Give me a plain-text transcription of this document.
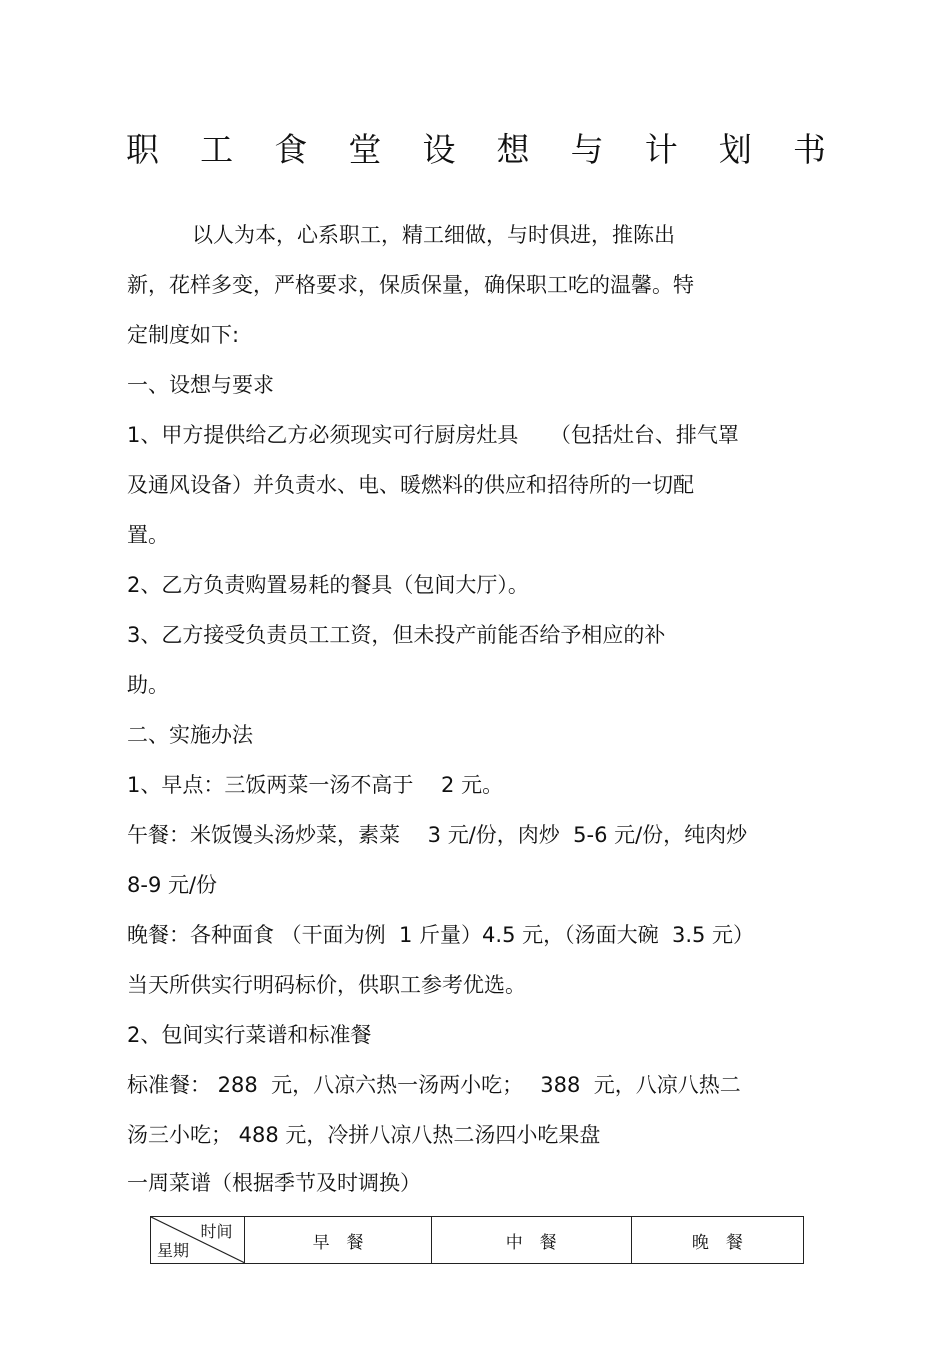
职 工 食 堂 设 想 与 计 划 书
以人为本，心系职工，精工细做，与时俱进，推陈出
新，花样多变，严格要求，保质保量，确保职工吃的温馨。特
定制度如下:
一、设想与要求
1、甲方提供给乙方必须现实可行厨房灶具　　（包括灶台、排气罩
及通风设备）并负责水、电、暖燃料的供应和招待所的一切配
置。
2、乙方负责购置易耗的餐具（包间大厅）。
3、乙方接受负责员工工资，但未投产前能否给予相应的补
助。
二、实施办法
1、早点：三饭两菜一汤不高于　 2 元。
午餐：米饭馒头汤炒菜，素菜　 3 元/份，肉炒  5-6 元/份，纯肉炒
8-9 元/份
晚餐：各种面食 （干面为例  1 斤量）4.5 元，（汤面大碗  3.5 元）
当天所供实行明码标价，供职工参考优选。
2、包间实行菜谱和标准餐
标准餐： 288  元，八凉六热一汤两小吃；　 388  元，八凉八热二
汤三小吃； 488 元，冷拼八凉八热二汤四小吃果盘
一周菜谱（根据季节及时调换）
时间
星期	早　餐	中　餐	晚　餐
